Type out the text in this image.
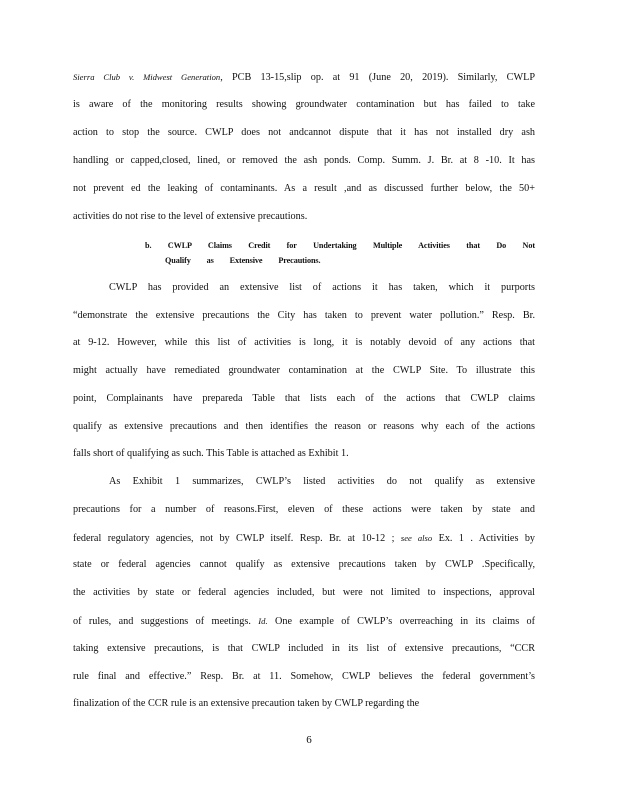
Sierra Club v. Midwest Generation, PCB 13-15,slip op. at 91 (June 20, 2019). Similarly, CWLP
is aware of the monitoring results showing groundwater contamination but has failed to take
action to stop the source. CWLP does not andcannot dispute that it has not installed dry ash
handling or capped,closed, lined, or removed the ash ponds. Comp. Summ. J. Br. at 8 -10. It has
not prevent ed the leaking of contaminants. As a result ,and as discussed further below, the 50+
activities do not rise to the level of extensive precautions.
b. CWLP Claims Credit for Undertaking Multiple Activities that Do Not
Qualify as Extensive Precautions.
CWLP has provided an extensive list of actions it has taken, which it purports
“demonstrate the extensive precautions the City has taken to prevent water pollution.” Resp. Br.
at 9-12. However, while this list of activities is long, it is notably devoid of any actions that
might actually have remediated groundwater contamination at the CWLP Site. To illustrate this
point, Complainants have prepareda Table that lists each of the actions that CWLP claims
qualify as extensive precautions and then identifies the reason or reasons why each of the actions
falls short of qualifying as such. This Table is attached as Exhibit 1.
As Exhibit 1 summarizes, CWLP’s listed activities do not qualify as extensive
precautions for a number of reasons.First, eleven of these actions were taken by state and
federal regulatory agencies, not by CWLP itself. Resp. Br. at 10-12 ; see also Ex. 1 . Activities by
state or federal agencies cannot qualify as extensive precautions taken by CWLP .Specifically,
the activities by state or federal agencies included, but were not limited to inspections, approval
of rules, and suggestions of meetings. Id. One example of CWLP’s overreaching in its claims of
taking extensive precautions, is that CWLP included in its list of extensive precautions, “CCR
rule final and effective.” Resp. Br. at 11. Somehow, CWLP believes the federal government’s
finalization of the CCR rule is an extensive precaution taken by CWLP regarding the
6
